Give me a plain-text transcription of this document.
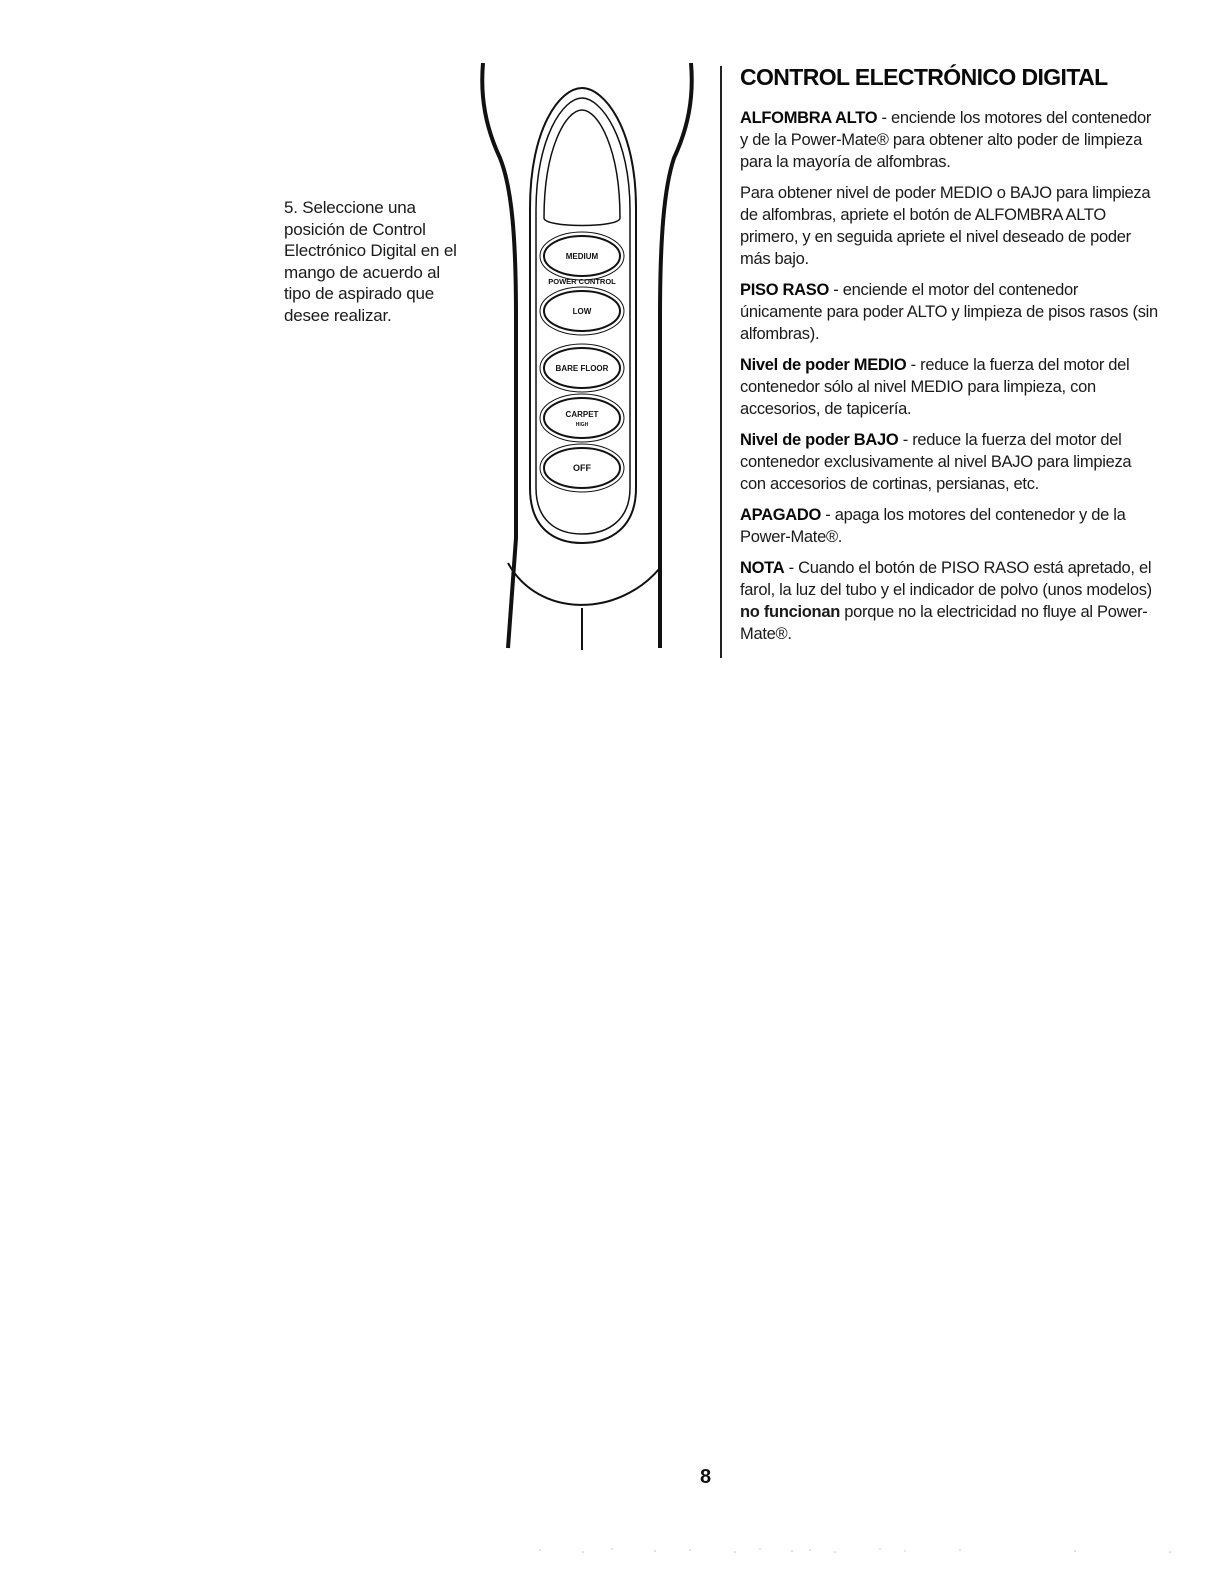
5. Seleccione una posición de Control Electrónico Digital en el mango de acuerdo al tipo de aspirado que desee realizar.
MEDIUM
POWER CONTROL
LOW
BARE FLOOR
CARPET
HIGH
OFF
CONTROL ELECTRÓNICO DIGITAL

ALFOMBRA ALTO - enciende los motores del contenedor y de la Power-Mate® para obtener alto poder de limpieza para la mayoría de alfombras.

Para obtener nivel de poder MEDIO o BAJO para limpieza de alfombras, apriete el botón de ALFOMBRA ALTO primero, y en seguida apriete el nivel deseado de poder más bajo.

PISO RASO - enciende el motor del contenedor únicamente para poder ALTO y limpieza de pisos rasos (sin alfombras).

Nivel de poder MEDIO - reduce la fuerza del motor del contenedor sólo al nivel MEDIO para limpieza, con accesorios, de tapicería.

Nivel de poder BAJO - reduce la fuerza del motor del contenedor exclusivamente al nivel BAJO para limpieza con accesorios de cortinas, persianas, etc.

APAGADO - apaga los motores del contenedor y de la Power-Mate®.

NOTA - Cuando el botón de PISO RASO está apretado, el farol, la luz del tubo y el indicador de polvo (unos modelos) no funcionan porque no la electricidad no fluye al Power-Mate®.

8
